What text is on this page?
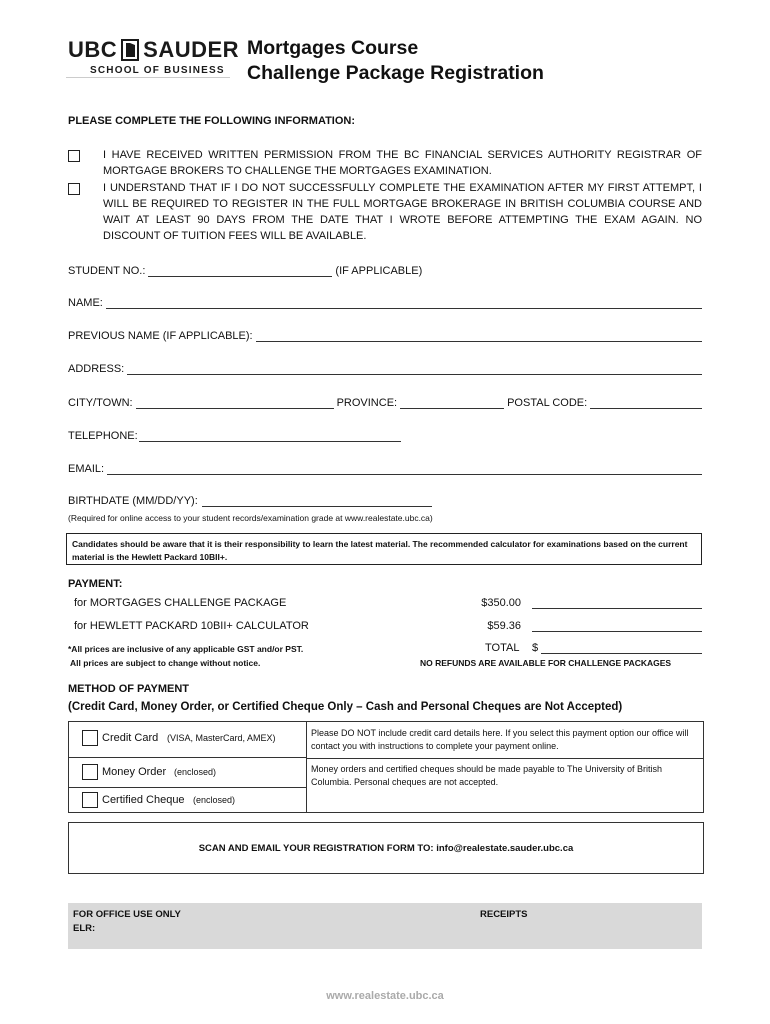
UBC SAUDER
SCHOOL OF BUSINESS
Mortgages Course
Challenge Package Registration
PLEASE COMPLETE THE FOLLOWING INFORMATION:
I HAVE RECEIVED WRITTEN PERMISSION FROM THE BC FINANCIAL SERVICES AUTHORITY REGISTRAR OF MORTGAGE BROKERS TO CHALLENGE THE MORTGAGES EXAMINATION.
I UNDERSTAND THAT IF I DO NOT SUCCESSFULLY COMPLETE THE EXAMINATION AFTER MY FIRST ATTEMPT, I WILL BE REQUIRED TO REGISTER IN THE FULL MORTGAGE BROKERAGE IN BRITISH COLUMBIA COURSE AND WAIT AT LEAST 90 DAYS FROM THE DATE THAT I WROTE BEFORE ATTEMPTING THE EXAM AGAIN. NO DISCOUNT OF TUITION FEES WILL BE AVAILABLE.
STUDENT NO.:	(IF APPLICABLE)
NAME:
PREVIOUS NAME (IF APPLICABLE):
ADDRESS:
CITY/TOWN:	PROVINCE:	POSTAL CODE:
TELEPHONE:
EMAIL:
BIRTHDATE (MM/DD/YY):
(Required for online access to your student records/examination grade at www.realestate.ubc.ca)
Candidates should be aware that it is their responsibility to learn the latest material. The recommended calculator for examinations based on the current material is the Hewlett Packard 10BII+.
PAYMENT:
for MORTGAGES CHALLENGE PACKAGE	$350.00
for HEWLETT PACKARD 10BII+ CALCULATOR	$59.36
*All prices are inclusive of any applicable GST and/or PST.
All prices are subject to change without notice.
TOTAL $
NO REFUNDS ARE AVAILABLE FOR CHALLENGE PACKAGES
METHOD OF PAYMENT
(Credit Card, Money Order, or Certified Cheque Only – Cash and Personal Cheques are Not Accepted)
Credit Card (VISA, MasterCard, AMEX)
Money Order (enclosed)
Certified Cheque (enclosed)
Please DO NOT include credit card details here. If you select this payment option our office will contact you with instructions to complete your payment online.
Money orders and certified cheques should be made payable to The University of British Columbia. Personal cheques are not accepted.
SCAN AND EMAIL YOUR REGISTRATION FORM TO: info@realestate.sauder.ubc.ca
FOR OFFICE USE ONLY
ELR:
RECEIPTS
www.realestate.ubc.ca
